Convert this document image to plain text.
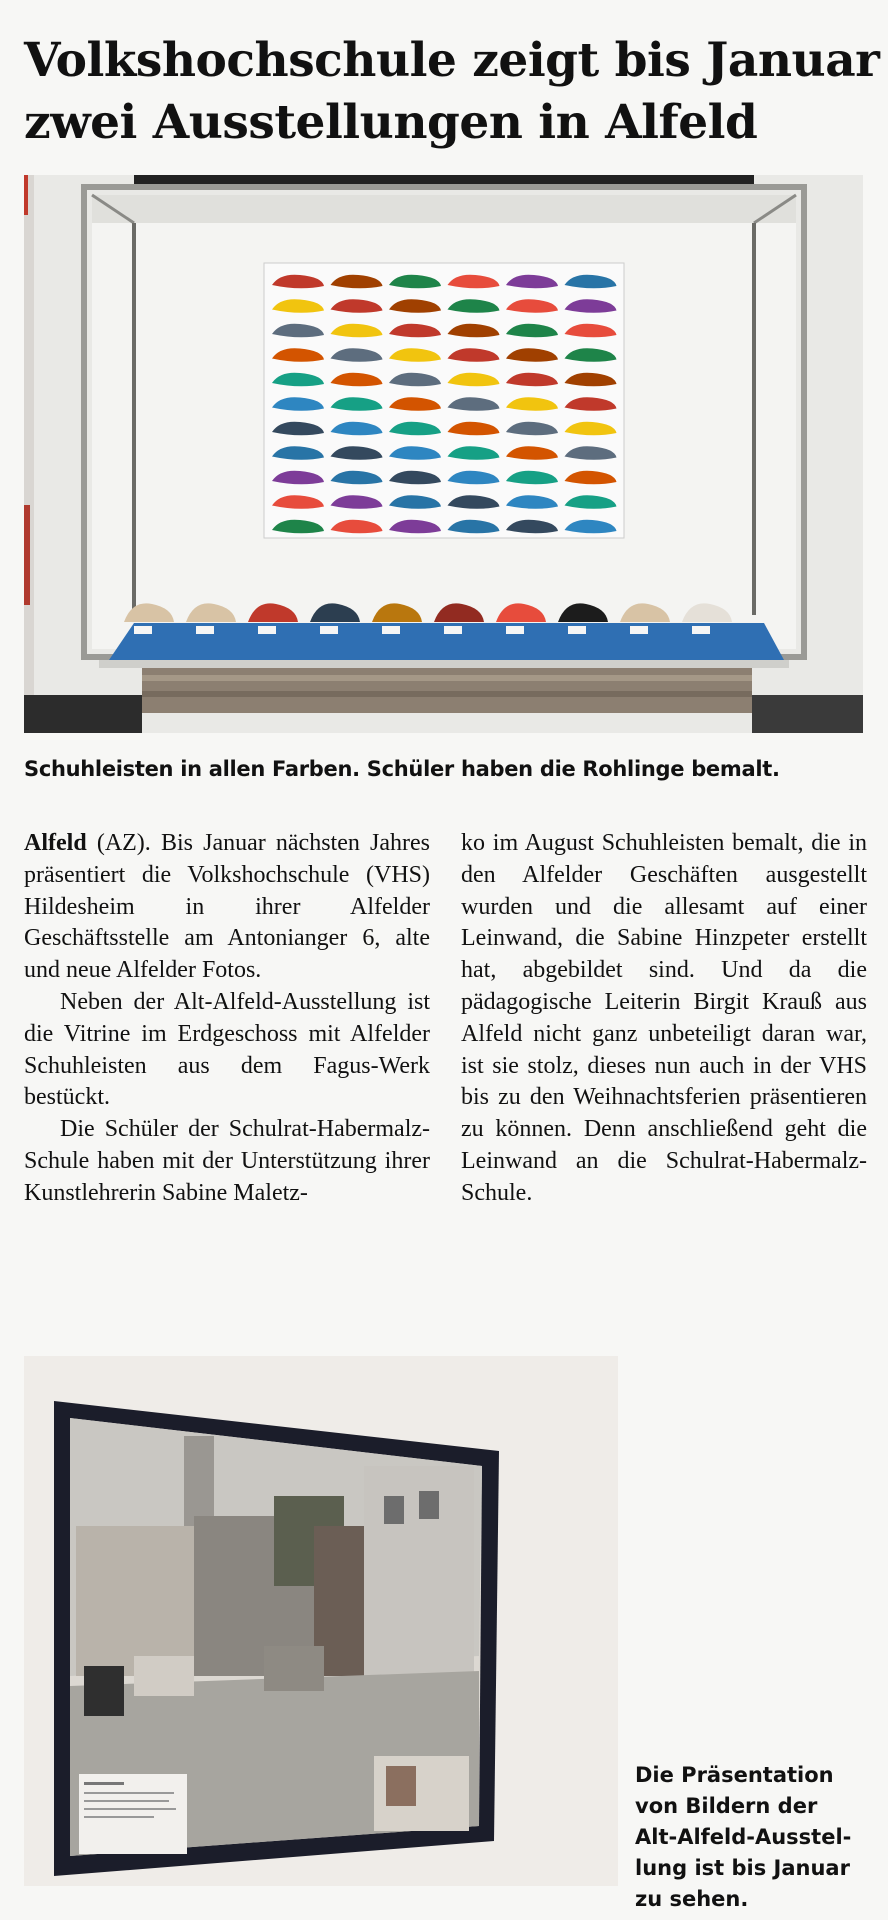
Volkshochschule zeigt bis Januar
zwei Ausstellungen in Alfeld

Schuhleisten in allen Farben. Schüler haben die Rohlinge bemalt.

Alfeld (AZ). Bis Januar nächsten Jahres präsentiert die Volkshochschule (VHS) Hildesheim in ihrer Alfelder Geschäftsstelle am Antonianger 6, alte und neue Alfelder Fotos.

Neben der Alt-Alfeld-Ausstellung ist die Vitrine im Erdgeschoss mit Alfelder Schuhleisten aus dem Fagus-Werk bestückt.

Die Schüler der Schulrat-Habermalz-Schule haben mit der Unterstützung ihrer Kunstlehrerin Sabine Maletz-

ko im August Schuhleisten bemalt, die in den Alfelder Geschäften ausgestellt wurden und die allesamt auf einer Leinwand, die Sabine Hinzpeter erstellt hat, abgebildet sind. Und da die pädagogische Leiterin Birgit Krauß aus Alfeld nicht ganz unbeteiligt daran war, ist sie stolz, dieses nun auch in der VHS bis zu den Weihnachtsferien präsentieren zu können. Denn anschließend geht die Leinwand an die Schulrat-Habermalz-Schule.

Die Präsentation
von Bildern der
Alt-Alfeld-Ausstel-
lung ist bis Januar
zu sehen.
